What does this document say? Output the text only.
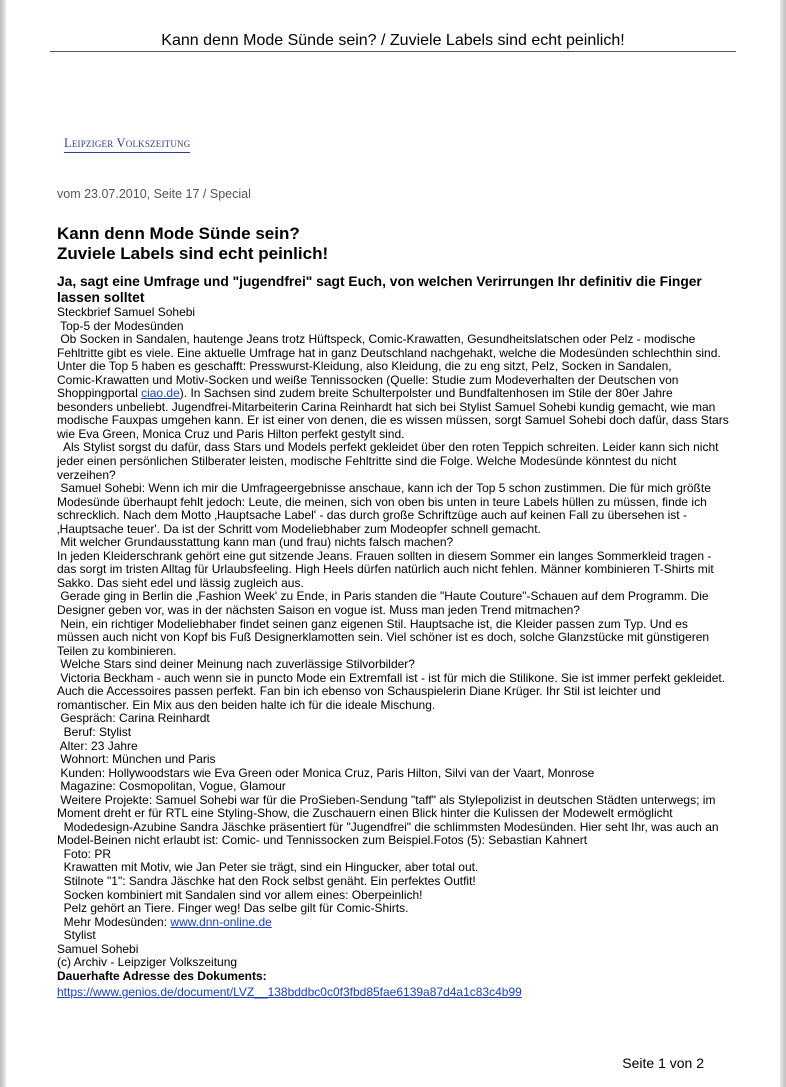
Kann denn Mode Sünde sein? / Zuviele Labels sind echt peinlich!
Leipziger Volkszeitung
vom 23.07.2010, Seite 17 / Special
Kann denn Mode Sünde sein?
Zuviele Labels sind echt peinlich!
Ja, sagt eine Umfrage und "jugendfrei" sagt Euch, von welchen Verirrungen Ihr definitiv die Finger lassen solltet
Steckbrief Samuel Sohebi
Top-5 der Modesünden
Ob Socken in Sandalen, hautenge Jeans trotz Hüftspeck, Comic-Krawatten, Gesundheitslatschen oder Pelz - modische
Fehltritte gibt es viele. Eine aktuelle Umfrage hat in ganz Deutschland nachgehakt, welche die Modesünden schlechthin sind.
Unter die Top 5 haben es geschafft: Presswurst-Kleidung, also Kleidung, die zu eng sitzt, Pelz, Socken in Sandalen,
Comic-Krawatten und Motiv-Socken und weiße Tennissocken (Quelle: Studie zum Modeverhalten der Deutschen von
Shoppingportal ciao.de). In Sachsen sind zudem breite Schulterpolster und Bundfaltenhosen im Stile der 80er Jahre
besonders unbeliebt. Jugendfrei-Mitarbeiterin Carina Reinhardt hat sich bei Stylist Samuel Sohebi kundig gemacht, wie man
modische Fauxpas umgehen kann. Er ist einer von denen, die es wissen müssen, sorgt Samuel Sohebi doch dafür, dass Stars
wie Eva Green, Monica Cruz und Paris Hilton perfekt gestylt sind.
Als Stylist sorgst du dafür, dass Stars und Models perfekt gekleidet über den roten Teppich schreiten. Leider kann sich nicht
jeder einen persönlichen Stilberater leisten, modische Fehltritte sind die Folge. Welche Modesünde könntest du nicht
verzeihen?
Samuel Sohebi: Wenn ich mir die Umfrageergebnisse anschaue, kann ich der Top 5 schon zustimmen. Die für mich größte
Modesünde überhaupt fehlt jedoch: Leute, die meinen, sich von oben bis unten in teure Labels hüllen zu müssen, finde ich
schrecklich. Nach dem Motto ‚Hauptsache Label' - das durch große Schriftzüge auch auf keinen Fall zu übersehen ist -
‚Hauptsache teuer'. Da ist der Schritt vom Modeliebhaber zum Modeopfer schnell gemacht.
Mit welcher Grundausstattung kann man (und frau) nichts falsch machen?
In jeden Kleiderschrank gehört eine gut sitzende Jeans. Frauen sollten in diesem Sommer ein langes Sommerkleid tragen -
das sorgt im tristen Alltag für Urlaubsfeeling. High Heels dürfen natürlich auch nicht fehlen. Männer kombinieren T-Shirts mit
Sakko. Das sieht edel und lässig zugleich aus.
Gerade ging in Berlin die ‚Fashion Week' zu Ende, in Paris standen die "Haute Couture"-Schauen auf dem Programm. Die
Designer geben vor, was in der nächsten Saison en vogue ist. Muss man jeden Trend mitmachen?
Nein, ein richtiger Modeliebhaber findet seinen ganz eigenen Stil. Hauptsache ist, die Kleider passen zum Typ. Und es
müssen auch nicht von Kopf bis Fuß Designerklamotten sein. Viel schöner ist es doch, solche Glanzstücke mit günstigeren
Teilen zu kombinieren.
Welche Stars sind deiner Meinung nach zuverlässige Stilvorbilder?
Victoria Beckham - auch wenn sie in puncto Mode ein Extremfall ist - ist für mich die Stilikone. Sie ist immer perfekt gekleidet.
Auch die Accessoires passen perfekt. Fan bin ich ebenso von Schauspielerin Diane Krüger. Ihr Stil ist leichter und
romantischer. Ein Mix aus den beiden halte ich für die ideale Mischung.
Gespräch: Carina Reinhardt
Beruf: Stylist
Alter: 23 Jahre
Wohnort: München und Paris
Kunden: Hollywoodstars wie Eva Green oder Monica Cruz, Paris Hilton, Silvi van der Vaart, Monrose
Magazine: Cosmopolitan, Vogue, Glamour
Weitere Projekte: Samuel Sohebi war für die ProSieben-Sendung "taff" als Stylepolizist in deutschen Städten unterwegs; im
Moment dreht er für RTL eine Styling-Show, die Zuschauern einen Blick hinter die Kulissen der Modewelt ermöglicht
Modedesign-Azubine Sandra Jäschke präsentiert für "Jugendfrei" die schlimmsten Modesünden. Hier seht Ihr, was auch an
Model-Beinen nicht erlaubt ist: Comic- und Tennissocken zum Beispiel.Fotos (5): Sebastian Kahnert
Foto: PR
Krawatten mit Motiv, wie Jan Peter sie trägt, sind ein Hingucker, aber total out.
Stilnote "1": Sandra Jäschke hat den Rock selbst genäht. Ein perfektes Outfit!
Socken kombiniert mit Sandalen sind vor allem eines: Oberpeinlich!
Pelz gehört an Tiere. Finger weg! Das selbe gilt für Comic-Shirts.
Mehr Modesünden: www.dnn-online.de
Stylist
Samuel Sohebi
(c) Archiv - Leipziger Volkszeitung
Dauerhafte Adresse des Dokuments:
https://www.genios.de/document/LVZ__138bddbc0c0f3fbd85fae6139a87d4a1c83c4b99
Seite 1 von 2
